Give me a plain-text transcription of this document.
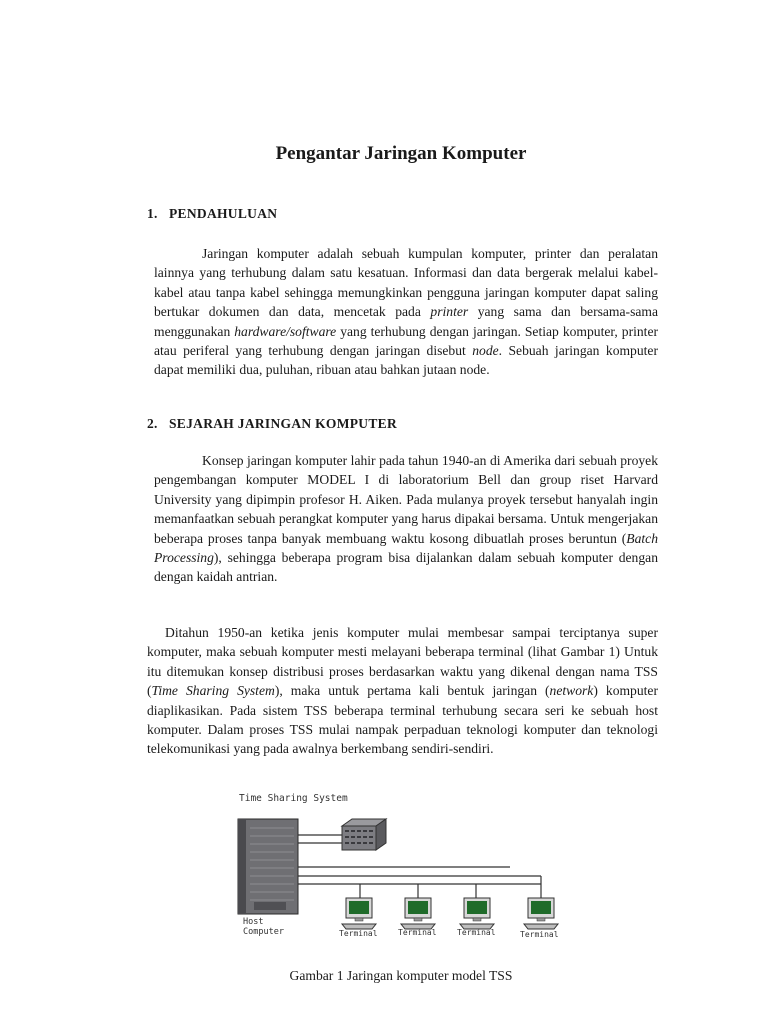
Pengantar Jaringan Komputer
1. PENDAHULUAN

Jaringan komputer adalah sebuah kumpulan komputer, printer dan peralatan lainnya yang terhubung dalam satu kesatuan. Informasi dan data bergerak melalui kabel-kabel atau tanpa kabel sehingga memungkinkan pengguna jaringan komputer dapat saling bertukar dokumen dan data, mencetak pada printer yang sama dan bersama-sama menggunakan hardware/software yang terhubung dengan jaringan. Setiap komputer, printer atau periferal yang terhubung dengan jaringan disebut node. Sebuah jaringan komputer dapat memiliki dua, puluhan, ribuan atau bahkan jutaan node.

2. SEJARAH JARINGAN KOMPUTER

Konsep jaringan komputer lahir pada tahun 1940-an di Amerika dari sebuah proyek pengembangan komputer MODEL I di laboratorium Bell dan group riset Harvard University yang dipimpin profesor H. Aiken. Pada mulanya proyek tersebut hanyalah ingin memanfaatkan sebuah perangkat komputer yang harus dipakai bersama. Untuk mengerjakan beberapa proses tanpa banyak membuang waktu kosong dibuatlah proses beruntun (Batch Processing), sehingga beberapa program bisa dijalankan dalam sebuah komputer dengan dengan kaidah antrian.

Ditahun 1950-an ketika jenis komputer mulai membesar sampai terciptanya super komputer, maka sebuah komputer mesti melayani beberapa terminal (lihat Gambar 1) Untuk itu ditemukan konsep distribusi proses berdasarkan waktu yang dikenal dengan nama TSS (Time Sharing System), maka untuk pertama kali bentuk jaringan (network) komputer diaplikasikan. Pada sistem TSS beberapa terminal terhubung secara seri ke sebuah host komputer. Dalam proses TSS mulai nampak perpaduan teknologi komputer dan teknologi telekomunikasi yang pada awalnya berkembang sendiri-sendiri.

Time Sharing System
Host
Computer	Terminal	Terminal	Terminal	Terminal

Gambar 1 Jaringan komputer model TSS
